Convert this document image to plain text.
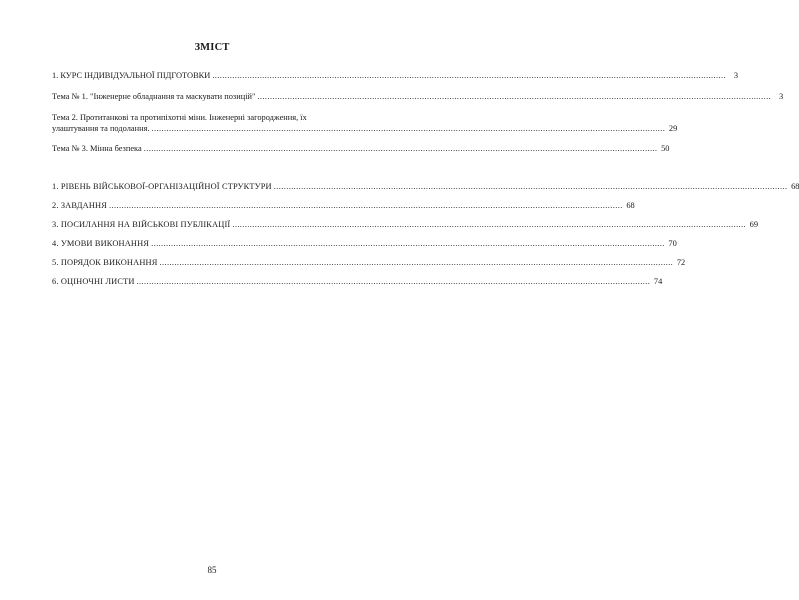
ЗМІСТ
1. КУРС ІНДИВІДУАЛЬНОЇ ПІДГОТОВКИ .....	3
Тема № 1. "Інженерне обладнання та маскувати позицій" .....	3
Тема 2. Протитанкові та протипіхотні міни. Інженерні загородження, їх
улаштування та подолання. .....	29
Тема № 3. Мінна безпека .....	50
1. РІВЕНЬ ВІЙСЬКОВОЇ-ОРГАНІЗАЦІЙНОЇ СТРУКТУРИ .....	68
2. ЗАВДАННЯ .....	68
3. ПОСИЛАННЯ НА ВІЙСЬКОВІ ПУБЛІКАЦІЇ .....	69
4. УМОВИ ВИКОНАННЯ .....	70
5. ПОРЯДОК ВИКОНАННЯ .....	72
6. ОЦІНОЧНІ ЛИСТИ .....	74
85
